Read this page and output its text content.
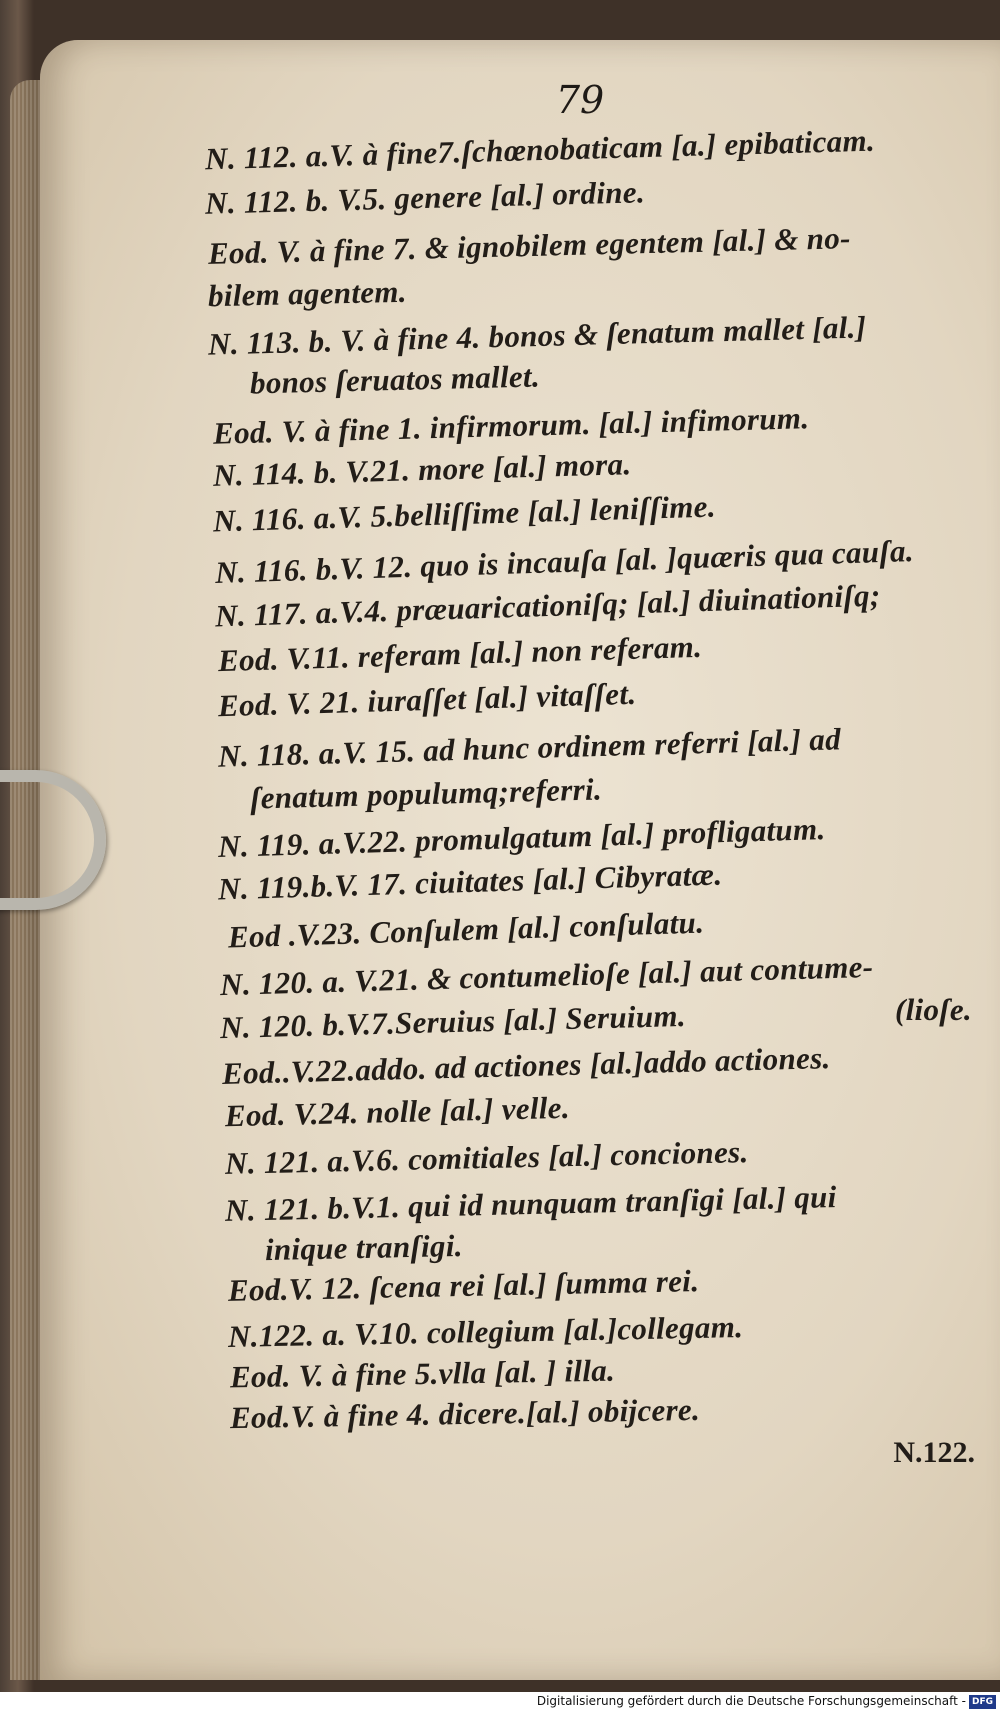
79
N. 112. a.V. à fine7.ſchœnobaticam [a.] epibaticam.
N. 112. b. V.5. genere [al.] ordine.
Eod. V. à fine 7. & ignobilem egentem [al.] & no-
bilem agentem.
N. 113. b. V. à fine 4. bonos & ſenatum mallet [al.]
bonos ſeruatos mallet.
Eod. V. à fine 1. infirmorum. [al.] infimorum.
N. 114. b. V.21. more [al.] mora.
N. 116. a.V. 5.belliſſime [al.] leniſſime.
N. 116. b.V. 12. quo is incauſa [al. ]quæris qua cauſa.
N. 117. a.V.4. præuaricationiſq; [al.] diuinationiſq;
Eod. V.11. referam [al.] non referam.
Eod. V. 21. iuraſſet [al.] vitaſſet.
N. 118. a.V. 15. ad hunc ordinem referri [al.] ad
ſenatum populumq;referri.
N. 119. a.V.22. promulgatum [al.] profligatum.
N. 119.b.V. 17. ciuitates [al.] Cibyratæ.
Eod .V.23. Conſulem [al.] conſulatu.
N. 120. a. V.21. & contumelioſe [al.] aut contume-
N. 120. b.V.7.Seruius [al.] Seruium.	(lioſe.
Eod..V.22.addo. ad actiones [al.]addo actiones.
Eod. V.24. nolle [al.] velle.
N. 121. a.V.6. comitiales [al.] conciones.
N. 121. b.V.1. qui id nunquam tranſigi [al.] qui
inique tranſigi.
Eod.V. 12. ſcena rei [al.] ſumma rei.
N.122. a. V.10. collegium [al.]collegam.
Eod. V. à fine 5.vlla [al. ] illa.
Eod.V. à fine 4. dicere.[al.] obijcere.
N.122.
Digitalisierung gefördert durch die Deutsche Forschungsgemeinschaft - DFG
